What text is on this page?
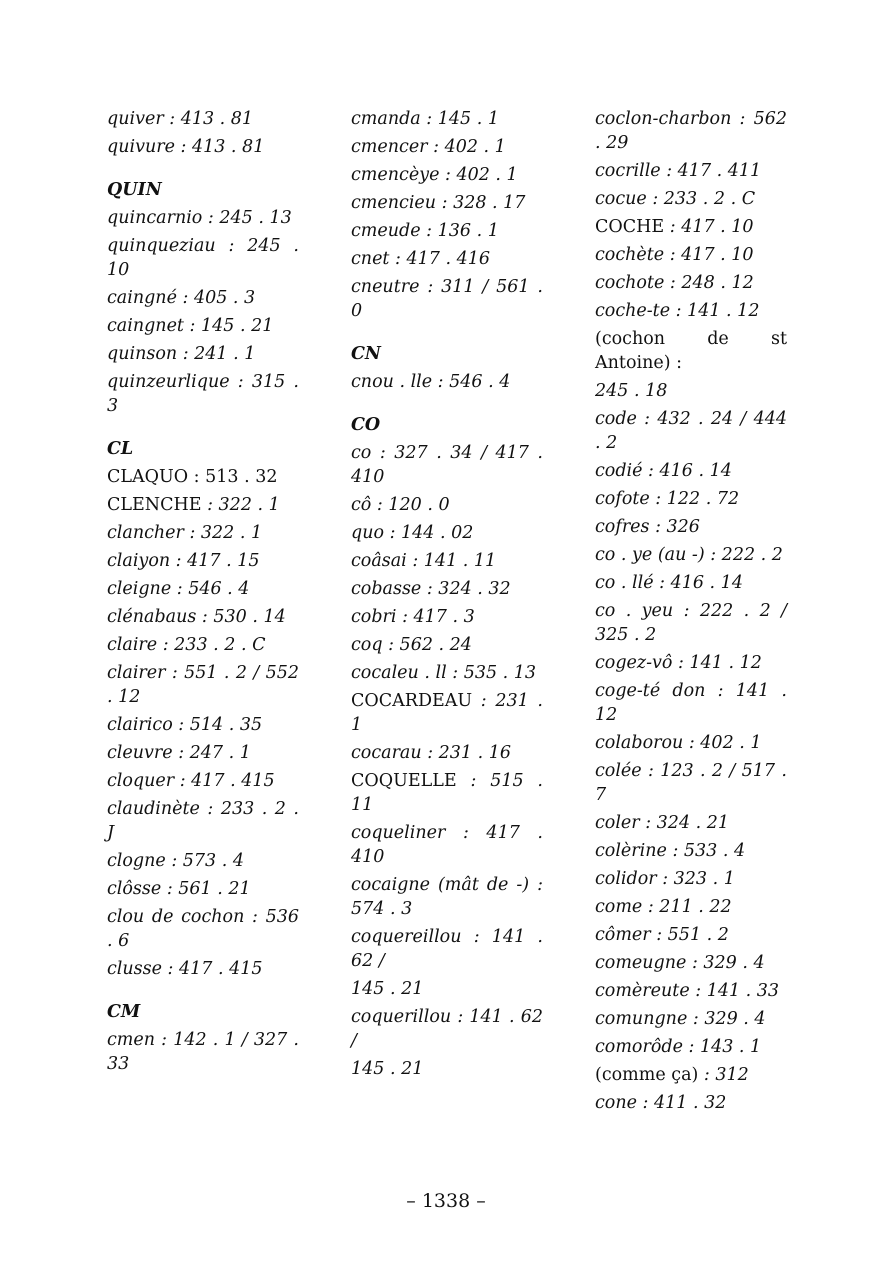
quiver : 413 . 81

quivure : 413 . 81

QUIN

quincarnio : 245 . 13

quinqueziau : 245 . 10

caingné : 405 . 3

caingnet : 145 . 21

quinson : 241 . 1

quinzeurlique : 315 . 3

CL

CLAQUO : 513 . 32

CLENCHE : 322 . 1

clancher : 322 . 1

claiyon : 417 . 15

cleigne : 546 . 4

clénabaus : 530 . 14

claire : 233 . 2 . C

clairer : 551 . 2 / 552 . 12

clairico : 514 . 35

cleuvre : 247 . 1

cloquer : 417 . 415

claudinète : 233 . 2 . J

clogne : 573 . 4

clôsse : 561 . 21

clou de cochon : 536 . 6

clusse : 417 . 415

CM

cmen : 142 . 1 / 327 . 33

cmanda : 145 . 1

cmencer : 402 . 1

cmencèye : 402 . 1

cmencieu : 328 . 17

cmeude : 136 . 1

cnet : 417 . 416

cneutre : 311 / 561 . 0

CN

cnou . lle : 546 . 4

CO

co : 327 . 34 / 417 . 410

cô : 120 . 0

quo : 144 . 02

coâsai : 141 . 11

cobasse : 324 . 32

cobri : 417 . 3

coq : 562 . 24

cocaleu . ll : 535 . 13

COCARDEAU : 231 . 1

cocarau : 231 . 16

COQUELLE : 515 . 11

coqueliner : 417 . 410

cocaigne (mât de -) : 574 . 3

coquereillou : 141 . 62 /

145 . 21

coquerillou : 141 . 62 /

145 . 21

coclon-charbon : 562 . 29

cocrille : 417 . 411

cocue : 233 . 2 . C

COCHE : 417 . 10

cochète : 417 . 10

cochote : 248 . 12

coche-te : 141 . 12

(cochon de st Antoine) :

245 . 18

code : 432 . 24 / 444 . 2

codié : 416 . 14

cofote : 122 . 72

cofres : 326

co . ye (au -) : 222 . 2

co . llé : 416 . 14

co . yeu : 222 . 2 / 325 . 2

cogez-vô : 141 . 12

coge-té don : 141 . 12

colaborou : 402 . 1

colée : 123 . 2 / 517 . 7

coler : 324 . 21

colèrine : 533 . 4

colidor : 323 . 1

come : 211 . 22

cômer : 551 . 2

comeugne : 329 . 4

comèreute : 141 . 33

comungne : 329 . 4

comorôde : 143 . 1

(comme ça) : 312

cone : 411 . 32

– 1338 –
